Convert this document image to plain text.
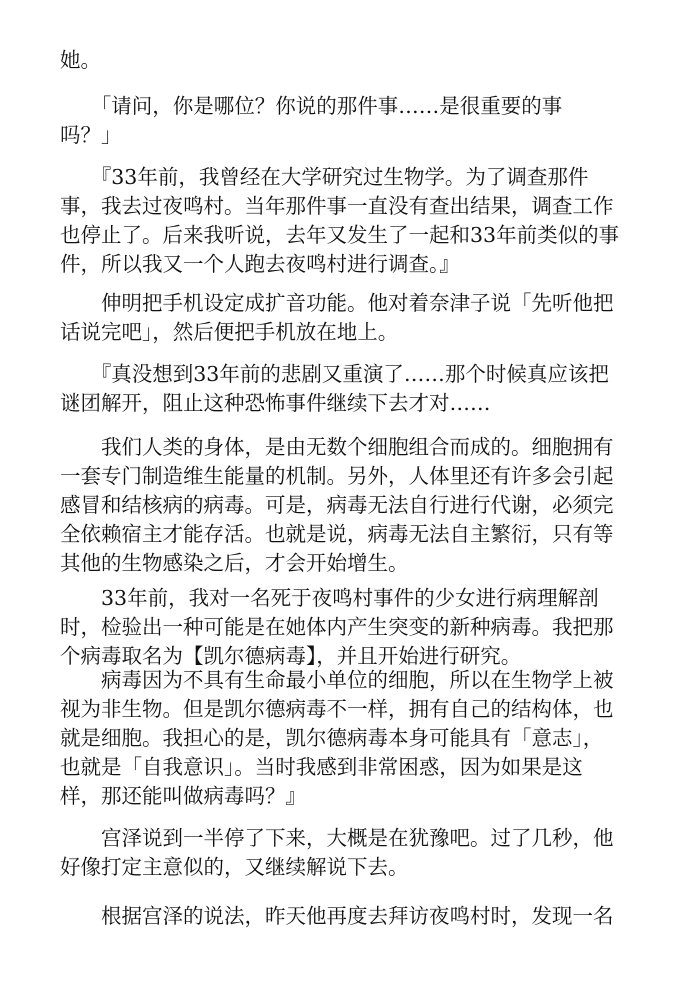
她。

　　「请问，你是哪位？你说的那件事……是很重要的事
吗？」

　　『33年前，我曾经在大学研究过生物学。为了调查那件
事，我去过夜鸣村。当年那件事一直没有查出结果，调查工作
也停止了。后来我听说，去年又发生了一起和33年前类似的事
件，所以我又一个人跑去夜鸣村进行调查。』

　　伸明把手机设定成扩音功能。他对着奈津子说「先听他把
话说完吧」，然后便把手机放在地上。

　　『真没想到33年前的悲剧又重演了……那个时候真应该把
谜团解开，阻止这种恐怖事件继续下去才对……

　　我们人类的身体，是由无数个细胞组合而成的。细胞拥有
一套专门制造维生能量的机制。另外，人体里还有许多会引起
感冒和结核病的病毒。可是，病毒无法自行进行代谢，必须完
全依赖宿主才能存活。也就是说，病毒无法自主繁衍，只有等
其他的生物感染之后，才会开始增生。

　　33年前，我对一名死于夜鸣村事件的少女进行病理解剖
时，检验出一种可能是在她体内产生突变的新种病毒。我把那
个病毒取名为【凯尔德病毒】，并且开始进行研究。

　　病毒因为不具有生命最小单位的细胞，所以在生物学上被
视为非生物。但是凯尔德病毒不一样，拥有自己的结构体，也
就是细胞。我担心的是，凯尔德病毒本身可能具有「意志」，
也就是「自我意识」。当时我感到非常困惑，因为如果是这
样，那还能叫做病毒吗？』

　　宫泽说到一半停了下来，大概是在犹豫吧。过了几秒，他
好像打定主意似的，又继续解说下去。

　　根据宫泽的说法，昨天他再度去拜访夜鸣村时，发现一名
